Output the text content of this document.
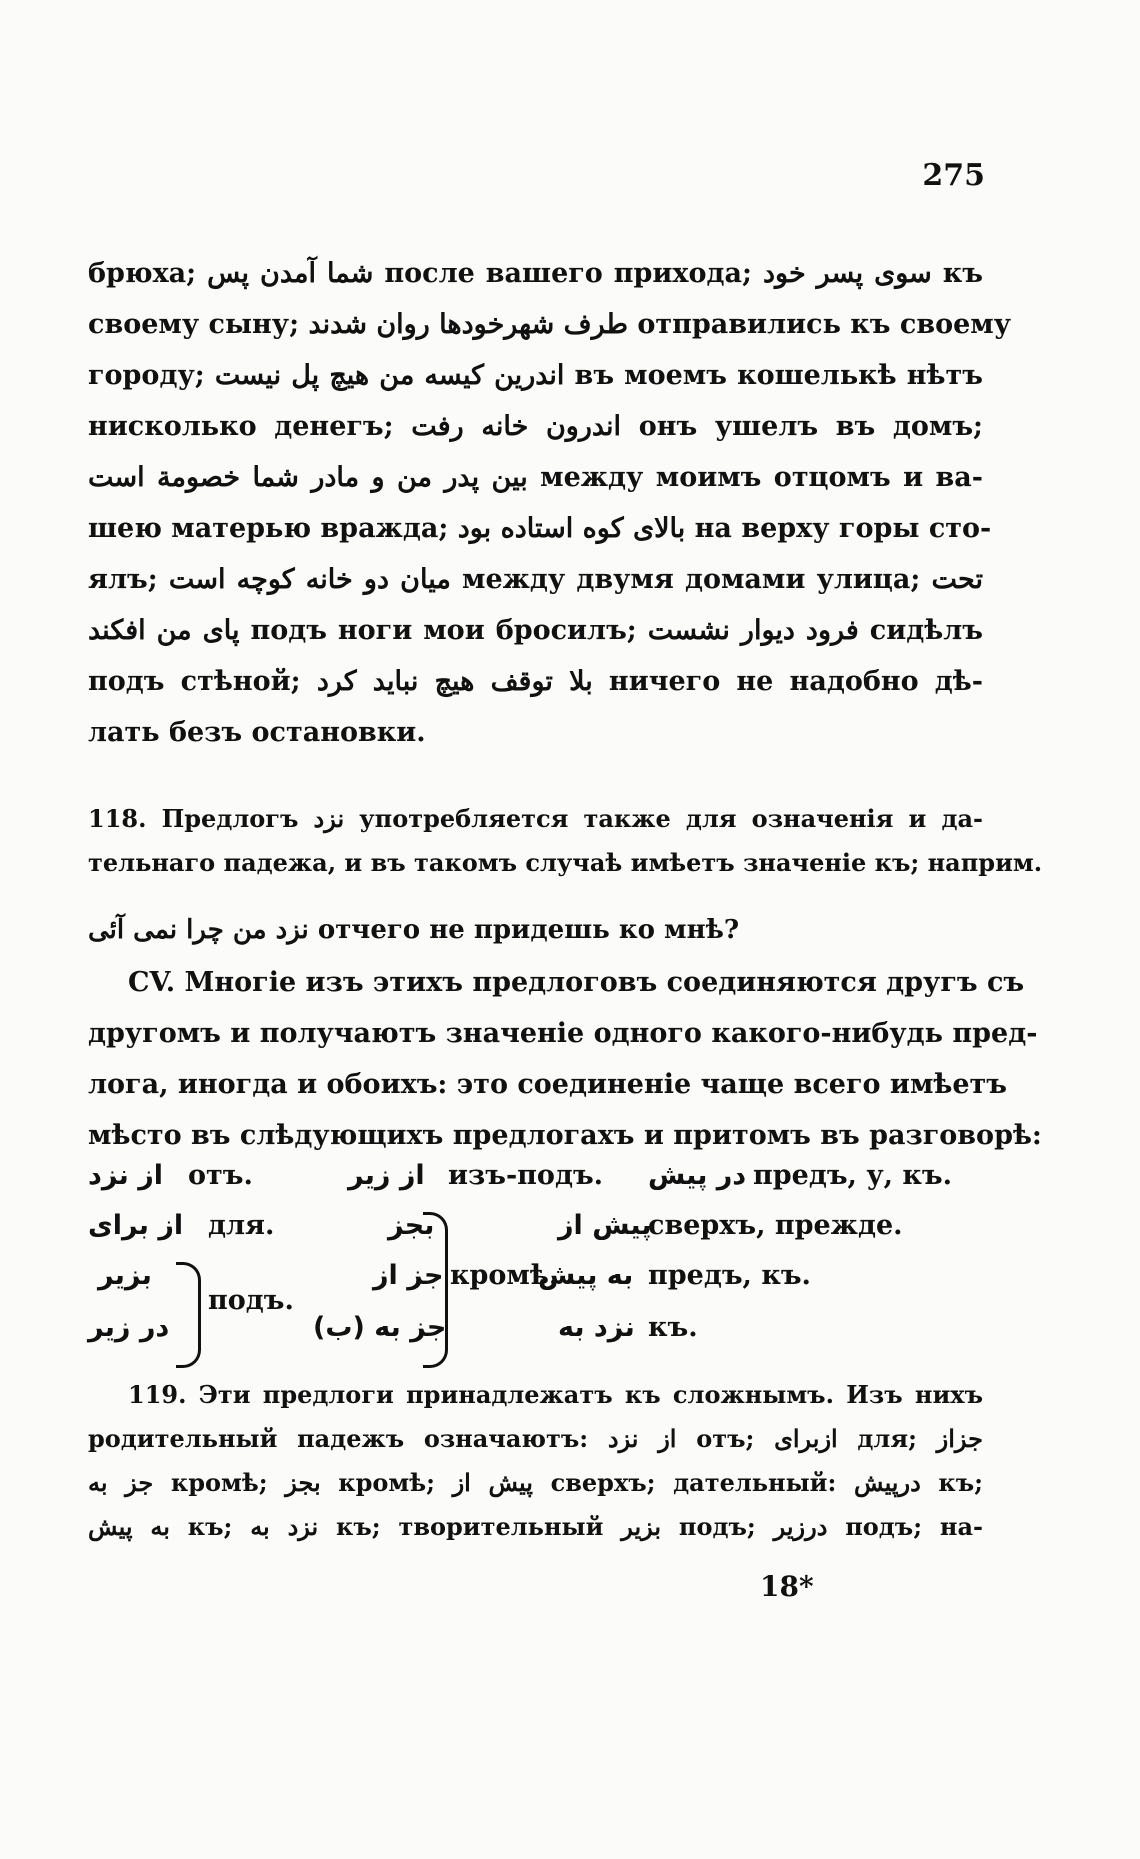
275
брюха; شما آمدن پس после вашего прихода; سوی پسر خود къ
своему сыну; طرف شهرخودها روان شدند отправились къ своему
городу; اندرین کیسه من هیچ پل نیست въ моемъ кошелькѣ нѣтъ
нисколько денегъ; اندرون خانه رفت онъ ушелъ въ домъ;
بین پدر من و مادر شما خصومة است между моимъ отцомъ и ва-
шею матерью вражда; بالای کوه استاده بود на верху горы сто-
ялъ; میان دو خانه کوچه است между двумя домами улица; تحت
پای من افکند подъ ноги мои бросилъ; فرود دیوار نشست сидѣлъ
подъ стѣной; بلا توقف هیچ نباید کرد ничего не надобно дѣ-
лать безъ остановки.
118. Предлогъ نزد употребляется также для означенія и да-
тельнаго падежа, и въ такомъ случаѣ имѣетъ значеніе къ; наприм.
نزد من چرا نمی آئی отчего не придешь ко мнѣ?
CV. Многіе изъ этихъ предлоговъ соединяются другъ съ
другомъ и получаютъ значеніе одного какого-нибудь пред-
лога, иногда и обоихъ: это соединеніе чаще всего имѣетъ
мѣсто въ слѣдующихъ предлогахъ и притомъ въ разговорѣ:
از نزد отъ.	از زیر изъ-подъ. در پیش предъ, у, къ.
از برای для.	بجز
جز از
جز به (ب)
кромѣ.
پیش از
сверхъ, прежде.
بزیر
در زیر
подъ.
به پیش предъ, къ.
نزد به къ.
119. Эти предлоги принадлежатъ къ сложнымъ. Изъ нихъ
родительный падежъ означаютъ: از نزد отъ; ازبرای для; جزاز
جز به кромѣ; بجز кромѣ; پیش از сверхъ; дательный: درپیش къ;
به پیش къ; نزد به къ; творительный بزیر подъ; درزیر подъ; на-
18*
